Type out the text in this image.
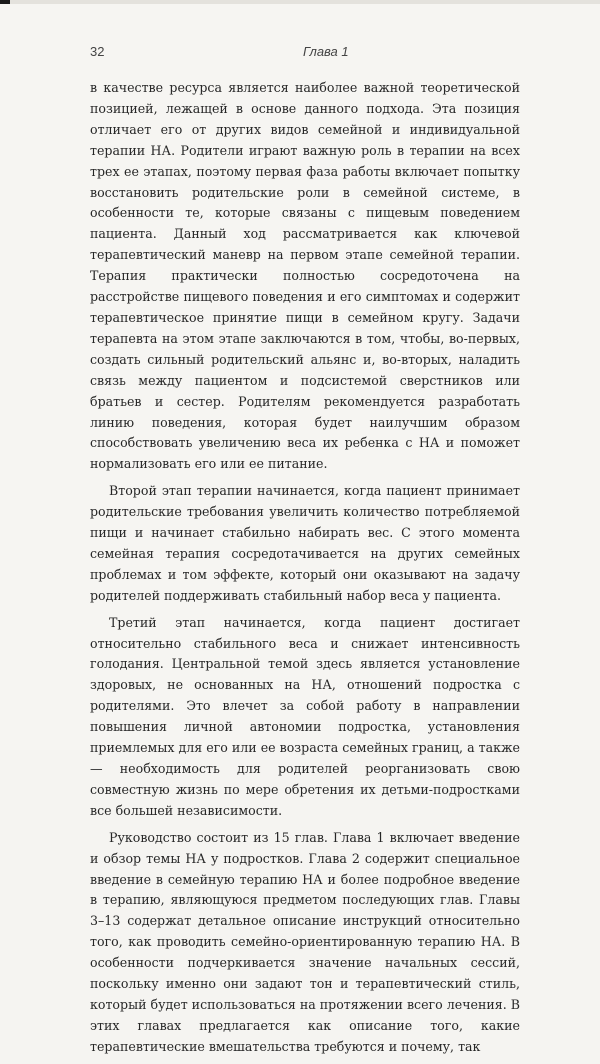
32	Глава 1

в качестве ресурса является наиболее важной теоретической позицией, лежащей в основе данного подхода. Эта позиция отличает его от других видов семейной и индивидуальной терапии НА. Родители играют важную роль в терапии на всех трех ее этапах, поэтому первая фаза работы включает попытку восстановить родительские роли в семейной системе, в особенности те, которые связаны с пищевым поведением пациента. Данный ход рассматривается как ключевой терапевтический маневр на первом этапе семейной терапии. Терапия практически полностью сосредоточена на расстройстве пищевого поведения и его симптомах и содержит терапевтическое принятие пищи в семейном кругу. Задачи терапевта на этом этапе заключаются в том, чтобы, во-первых, создать сильный родительский альянс и, во-вторых, наладить связь между пациентом и подсистемой сверстников или братьев и сестер. Родителям рекомендуется разработать линию поведения, которая будет наилучшим образом способствовать увеличению веса их ребенка с НА и поможет нормализовать его или ее питание.

Второй этап терапии начинается, когда пациент принимает родительские требования увеличить количество потребляемой пищи и начинает стабильно набирать вес. С этого момента семейная терапия сосредотачивается на других семейных проблемах и том эффекте, который они оказывают на задачу родителей поддерживать стабильный набор веса у пациента.

Третий этап начинается, когда пациент достигает относительно стабильного веса и снижает интенсивность голодания. Центральной темой здесь является установление здоровых, не основанных на НА, отношений подростка с родителями. Это влечет за собой работу в направлении повышения личной автономии подростка, установления приемлемых для его или ее возраста семейных границ, а также — необходимость для родителей реорганизовать свою совместную жизнь по мере обретения их детьми-подростками все большей независимости.

Руководство состоит из 15 глав. Глава 1 включает введение и обзор темы НА у подростков. Глава 2 содержит специальное введение в семейную терапию НА и более подробное введение в терапию, являющуюся предметом последующих глав. Главы 3–13 содержат детальное описание инструкций относительно того, как проводить семейно-ориентированную терапию НА. В особенности подчеркивается значение начальных сессий, поскольку именно они задают тон и терапевтический стиль, который будет использоваться на протяжении всего лечения. В этих главах предлагается как описание того, какие терапевтические вмешательства требуются и почему, так
